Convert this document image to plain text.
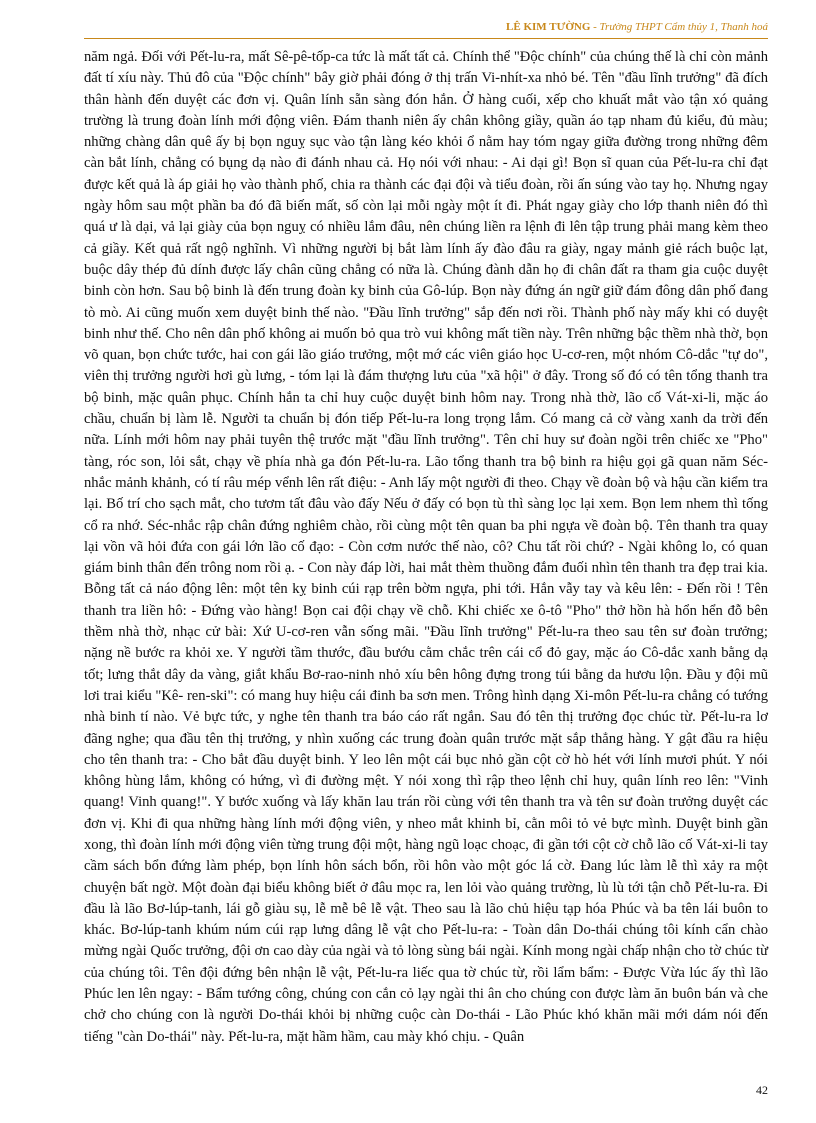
LÊ KIM TƯỜNG - Trường THPT Cẩm thủy 1, Thanh hoá

năm ngả. Đối với Pết-lu-ra, mất Sê-pê-tốp-ca tức là mất tất cả. Chính thể "Độc chính" của chúng thế là chỉ còn mảnh đất tí xíu này. Thủ đô của "Độc chính" bây giờ phải đóng ở thị trấn Vi-nhít-xa nhỏ bé. Tên "đầu lĩnh trưởng" đã đích thân hành đến duyệt các đơn vị. Quân lính sẵn sàng đón hắn. Ở hàng cuối, xếp cho khuất mắt vào tận xó quảng trường là trung đoàn lính mới động viên. Đám thanh niên ấy chân không giầy, quần áo tạp nham đủ kiểu, đủ màu; những chàng dân quê ấy bị bọn nguỵ sục vào tận làng kéo khỏi ổ nằm hay tóm ngay giữa đường trong những đêm càn bắt lính, chẳng có bụng dạ nào đi đánh nhau cả. Họ nói với nhau: - Ai dại gì! Bọn sĩ quan của Pết-lu-ra chỉ đạt được kết quả là áp giải họ vào thành phố, chia ra thành các đại đội và tiểu đoàn, rồi ấn súng vào tay họ. Nhưng ngay ngày hôm sau một phần ba đó đã biến mất, số còn lại mỗi ngày một ít đi. Phát ngay giày cho lớp thanh niên đó thì quá ư là dại, vả lại giày của bọn nguỵ có nhiều lắm đâu, nên chúng liền ra lệnh đi lên tập trung phải mang kèm theo cả giầy. Kết quả rất ngộ nghĩnh. Vì những người bị bắt làm lính ấy đào đâu ra giày, ngay mảnh giẻ rách buộc lạt, buộc dây thép đủ dính được lấy chân cũng chẳng có nữa là. Chúng đành dẫn họ đi chân đất ra tham gia cuộc duyệt binh còn hơn. Sau bộ binh là đến trung đoàn kỵ binh của Gô-lúp. Bọn này đứng án ngữ giữ đám đông dân phố đang tò mò. Ai cũng muốn xem duyệt binh thế nào. "Đầu lĩnh trưởng" sắp đến nơi rồi. Thành phố này mấy khi có duyệt binh như thế. Cho nên dân phố không ai muốn bỏ qua trò vui không mất tiền này. Trên những bậc thềm nhà thờ, bọn võ quan, bọn chức tước, hai con gái lão giáo trưởng, một mớ các viên giáo học U-cơ-ren, một nhóm Cô-dắc "tự do", viên thị trưởng người hơi gù lưng, - tóm lại là đám thượng lưu của "xã hội" ở đây. Trong số đó có tên tổng thanh tra bộ binh, mặc quân phục. Chính hắn ta chỉ huy cuộc duyệt binh hôm nay. Trong nhà thờ, lão cố Vát-xi-li, mặc áo chầu, chuẩn bị làm lễ. Người ta chuẩn bị đón tiếp Pết-lu-ra long trọng lắm. Có mang cả cờ vàng xanh da trời đến nữa. Lính mới hôm nay phải tuyên thệ trước mặt "đầu lĩnh trưởng". Tên chỉ huy sư đoàn ngồi trên chiếc xe "Pho" tàng, róc son, lỏi sắt, chạy về phía nhà ga đón Pết-lu-ra. Lão tổng thanh tra bộ binh ra hiệu gọi gã quan năm Séc-nhắc mảnh khảnh, có tí râu mép vểnh lên rất điệu: - Anh lấy một người đi theo. Chạy về đoàn bộ và hậu cần kiểm tra lại. Bố trí cho sạch mắt, cho tươm tất đâu vào đấy Nếu ở đấy có bọn tù thì sàng lọc lại xem. Bọn lem nhem thì tống cổ ra nhớ. Séc-nhắc rập chân đứng nghiêm chào, rồi cùng một tên quan ba phi ngựa về đoàn bộ. Tên thanh tra quay lại vồn vã hỏi đứa con gái lớn lão cố đạo: - Còn cơm nước thế nào, cô? Chu tất rồi chứ? - Ngài không lo, có quan giám binh thân đến trông nom rồi ạ. - Con này đáp lời, hai mắt thèm thuồng đắm đuối nhìn tên thanh tra đẹp trai kia. Bỗng tất cả náo động lên: một tên kỵ binh cúi rạp trên bờm ngựa, phi tới. Hắn vẫy tay và kêu lên: - Đến rồi ! Tên thanh tra liền hô: - Đứng vào hàng! Bọn cai đội chạy về chỗ. Khi chiếc xe ô-tô "Pho" thở hồn hà hổn hển đỗ bên thềm nhà thờ, nhạc cử bài: Xứ U-cơ-ren vẫn sống mãi. "Đầu lĩnh trưởng" Pết-lu-ra theo sau tên sư đoàn trưởng; nặng nề bước ra khỏi xe. Y người tầm thước, đầu bướu cằm chắc trên cái cổ đỏ gay, mặc áo Cô-dắc xanh bằng dạ tốt; lưng thắt dây da vàng, giắt khẩu Bơ-rao-ninh nhỏ xíu bên hông đựng trong túi bằng da hươu lộn. Đầu y đội mũ lơi trai kiểu "Kê- ren-ski": có mang huy hiệu cái đinh ba sơn men. Trông hình dạng Xi-môn Pết-lu-ra chẳng có tướng nhà binh tí nào. Vẻ bực tức, y nghe tên thanh tra báo cáo rất ngắn. Sau đó tên thị trưởng đọc chúc từ. Pết-lu-ra lơ đãng nghe; qua đầu tên thị trưởng, y nhìn xuống các trung đoàn quân trước mặt sắp thẳng hàng. Y gật đầu ra hiệu cho tên thanh tra: - Cho bắt đầu duyệt binh. Y leo lên một cái bục nhỏ gần cột cờ hò hét với lính mươi phút. Y nói không hùng lắm, không có hứng, vì đi đường mệt. Y nói xong thì rập theo lệnh chỉ huy, quân lính reo lên: "Vinh quang! Vinh quang!". Y bước xuống và lấy khăn lau trán rồi cùng với tên thanh tra và tên sư đoàn trưởng duyệt các đơn vị. Khi đi qua những hàng lính mới động viên, y nheo mắt khinh bỉ, cằn môi tỏ vẻ bực mình. Duyệt binh gần xong, thì đoàn lính mới động viên từng trung đội một, hàng ngũ loạc choạc, đi gần tới cột cờ chỗ lão cố Vát-xi-li tay cầm sách bổn đứng làm phép, bọn lính hôn sách bổn, rồi hôn vào một góc lá cờ. Đang lúc làm lễ thì xảy ra một chuyện bất ngờ. Một đoàn đại biểu không biết ở đâu mọc ra, len lỏi vào quảng trường, lù lù tới tận chỗ Pết-lu-ra. Đi đầu là lão Bơ-lúp-tanh, lái gỗ giàu sụ, lễ mễ bê lễ vật. Theo sau là lão chủ hiệu tạp hóa Phúc và ba tên lái buôn to khác. Bơ-lúp-tanh khúm núm cúi rạp lưng dâng lễ vật cho Pết-lu-ra: - Toàn dân Do-thái chúng tôi kính cẩn chào mừng ngài Quốc trưởng, đội ơn cao dày của ngài và tỏ lòng sùng bái ngài. Kính mong ngài chấp nhận cho tờ chúc từ của chúng tôi. Tên đội đứng bên nhận lễ vật, Pết-lu-ra liếc qua tờ chúc từ, rồi lẩm bẩm: - Được Vừa lúc ấy thì lão Phúc len lên ngay: - Bẩm tướng công, chúng con cắn cỏ lạy ngài thi ân cho chúng con được làm ăn buôn bán và che chở cho chúng con là người Do-thái khỏi bị những cuộc càn Do-thái - Lão Phúc khó khăn mãi mới dám nói đến tiếng "càn Do-thái" này. Pết-lu-ra, mặt hầm hầm, cau mày khó chịu. - Quân

42
